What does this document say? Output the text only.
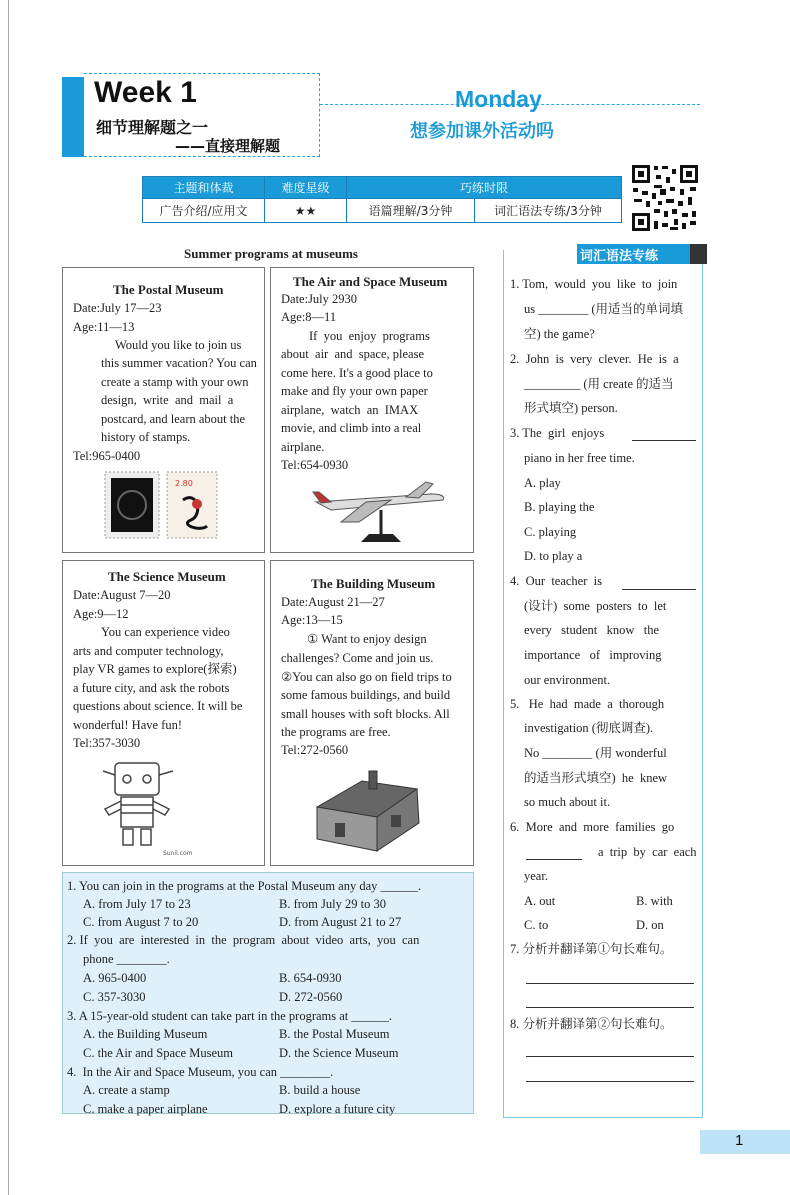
Week 1
细节理解题之一
——直接理解题
Monday
想参加课外活动吗
主题和体裁	难度星级	巧练时限	
广告介绍/应用文	★★	语篇理解/3分钟	词汇语法专练/3分钟
Summer programs at museums
The Postal Museum
Date:July 17—23
Age:11—13
Would you like to join us
this summer vacation? You can
create a stamp with your own
design,  write  and  mail  a
postcard, and learn about the
history of stamps.
Tel:965-0400
2.80
The Air and Space Museum
Date:July 2930
Age:8—11
If  you  enjoy  programs
about  air  and  space, please
come here. It's a good place to
make and fly your own paper
airplane,  watch  an  IMAX
movie, and climb into a real
airplane.
Tel:654-0930
The Science Museum
Date:August 7—20
Age:9—12
You can experience video
arts and computer technology,
play VR games to explore(探索)
a future city, and ask the robots
questions about science. It will be
wonderful! Have fun!
Tel:357-3030
Sunil.com
The Building Museum
Date:August 21—27
Age:13—15
① Want to enjoy design
challenges? Come and join us.
②You can also go on field trips to
some famous buildings, and build
small houses with soft blocks. All
the programs are free.
Tel:272-0560
1. You can join in the programs at the Postal Museum any day ______.
A. from July 17 to 23	B. from July 29 to 30
C. from August 7 to 20	D. from August 21 to 27
2. If  you  are  interested  in  the  program  about  video  arts,  you  can
phone ________.
A. 965-0400	B. 654-0930
C. 357-3030	D. 272-0560
3. A 15-year-old student can take part in the programs at ______.
A. the Building Museum	B. the Postal Museum
C. the Air and Space Museum	D. the Science Museum
4.  In the Air and Space Museum, you can ________.
A. create a stamp	B. build a house
C. make a paper airplane	D. explore a future city
词汇语法专练
1. Tom,  would  you  like  to  join
us ________ (用适当的单词填
空) the game?
2.  John  is  very  clever.  He  is  a
_________ (用 create 的适当
形式填空) person.
3. The  girl  enjoys
piano in her free time.
A. play
B. playing the
C. playing
D. to play a
4.  Our  teacher  is
(设计)  some  posters  to  let
every   student   know   the
importance   of   improving
our environment.
5.   He  had  made  a  thorough
investigation (彻底调查).
No ________ (用 wonderful
的适当形式填空)  he  knew
so much about it.
6.  More  and  more  families  go
a  trip  by  car  each
year.
A. out	B. with
C. to	D. on
7. 分析并翻译第①句长难句。
8. 分析并翻译第②句长难句。
1
